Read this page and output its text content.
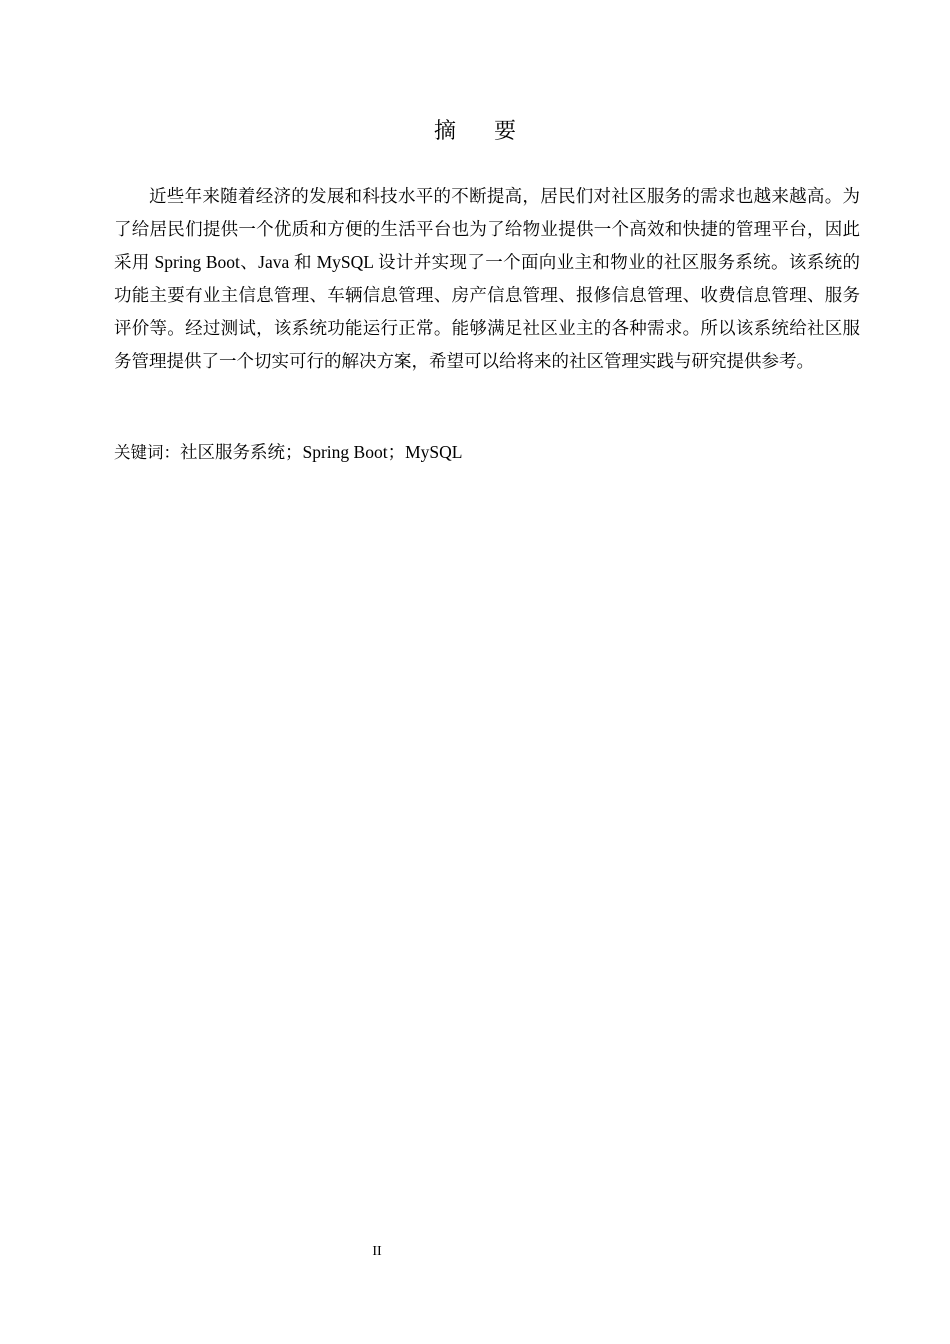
摘 要

近些年来随着经济的发展和科技水平的不断提高，居民们对社区服务的需求也越来越高。为了给居民们提供一个优质和方便的生活平台也为了给物业提供一个高效和快捷的管理平台，因此采用 Spring Boot、Java 和 MySQL 设计并实现了一个面向业主和物业的社区服务系统。该系统的功能主要有业主信息管理、车辆信息管理、房产信息管理、报修信息管理、收费信息管理、服务评价等。经过测试，该系统功能运行正常。能够满足社区业主的各种需求。所以该系统给社区服务管理提供了一个切实可行的解决方案，希望可以给将来的社区管理实践与研究提供参考。

关键词：社区服务系统；Spring Boot；MySQL

II
